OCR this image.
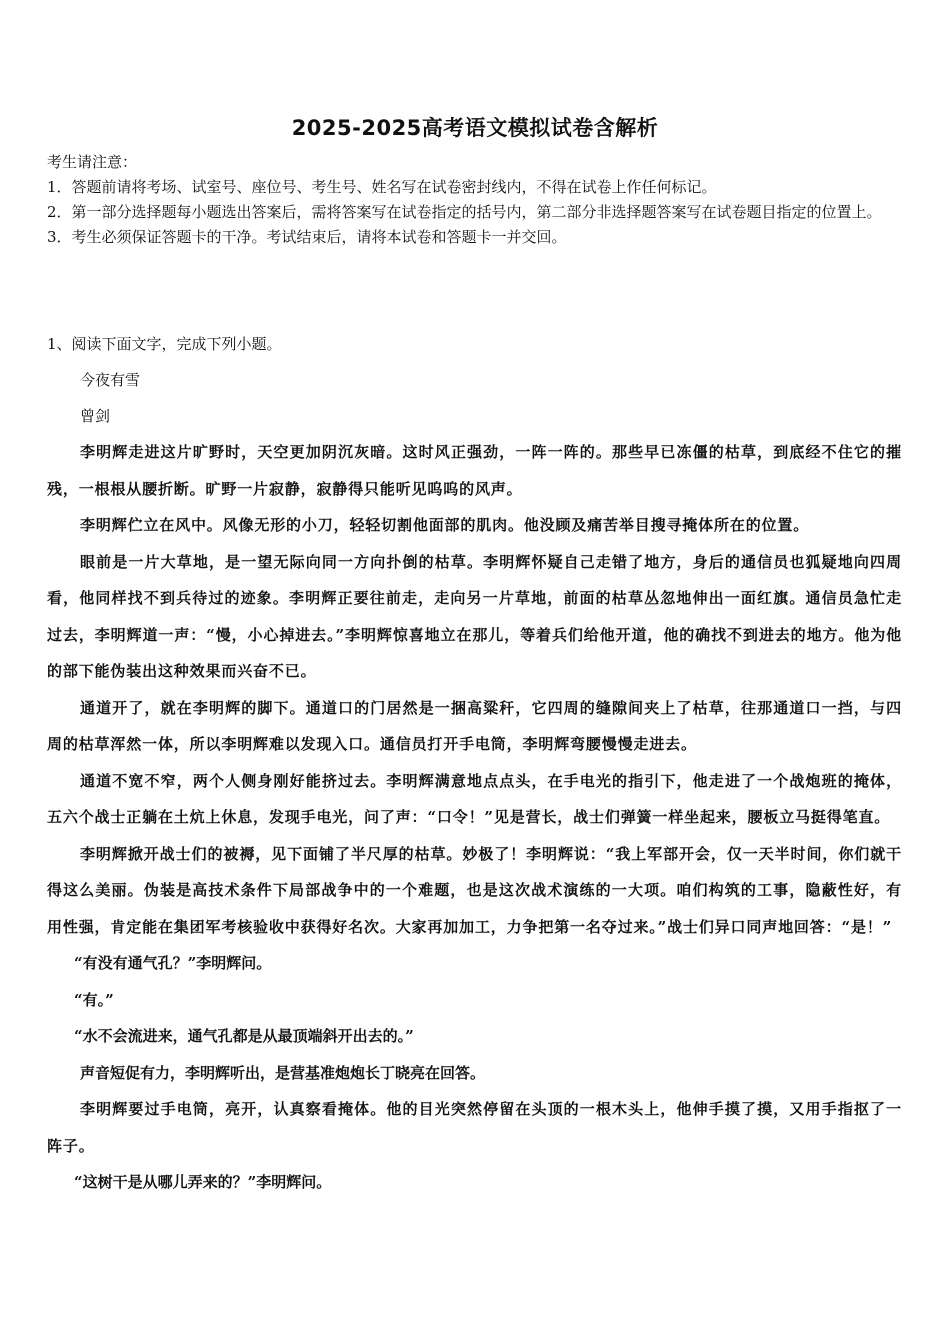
2025-2025高考语文模拟试卷含解析

考生请注意：

1．答题前请将考场、试室号、座位号、考生号、姓名写在试卷密封线内，不得在试卷上作任何标记。

2．第一部分选择题每小题选出答案后，需将答案写在试卷指定的括号内，第二部分非选择题答案写在试卷题目指定的位置上。

3．考生必须保证答题卡的干净。考试结束后，请将本试卷和答题卡一并交回。

1、阅读下面文字，完成下列小题。

今夜有雪

曾剑

李明辉走进这片旷野时，天空更加阴沉灰暗。这时风正强劲，一阵一阵的。那些早已冻僵的枯草，到底经不住它的摧残，一根根从腰折断。旷野一片寂静，寂静得只能听见呜呜的风声。

李明辉伫立在风中。风像无形的小刀，轻轻切割他面部的肌肉。他没顾及痛苦举目搜寻掩体所在的位置。

眼前是一片大草地，是一望无际向同一方向扑倒的枯草。李明辉怀疑自己走错了地方，身后的通信员也狐疑地向四周看，他同样找不到兵待过的迹象。李明辉正要往前走，走向另一片草地，前面的枯草丛忽地伸出一面红旗。通信员急忙走过去，李明辉道一声：“慢，小心掉进去。”李明辉惊喜地立在那儿，等着兵们给他开道，他的确找不到进去的地方。他为他的部下能伪装出这种效果而兴奋不已。

通道开了，就在李明辉的脚下。通道口的门居然是一捆高粱秆，它四周的缝隙间夹上了枯草，往那通道口一挡，与四周的枯草浑然一体，所以李明辉难以发现入口。通信员打开手电筒，李明辉弯腰慢慢走进去。

通道不宽不窄，两个人侧身刚好能挤过去。李明辉满意地点点头，在手电光的指引下，他走进了一个战炮班的掩体，五六个战士正躺在土炕上休息，发现手电光，问了声：“口令！”见是营长，战士们弹簧一样坐起来，腰板立马挺得笔直。

李明辉掀开战士们的被褥，见下面铺了半尺厚的枯草。妙极了！李明辉说：“我上军部开会，仅一天半时间，你们就干得这么美丽。伪装是高技术条件下局部战争中的一个难题，也是这次战术演练的一大项。咱们构筑的工事，隐蔽性好，有用性强，肯定能在集团军考核验收中获得好名次。大家再加加工，力争把第一名夺过来。”战士们异口同声地回答：“是！”

“有没有通气孔？”李明辉问。

“有。”

“水不会流进来，通气孔都是从最顶端斜开出去的。”

声音短促有力，李明辉听出，是营基准炮炮长丁晓亮在回答。

李明辉要过手电筒，亮开，认真察看掩体。他的目光突然停留在头顶的一根木头上，他伸手摸了摸，又用手指抠了一阵子。

“这树干是从哪儿弄来的？”李明辉问。
